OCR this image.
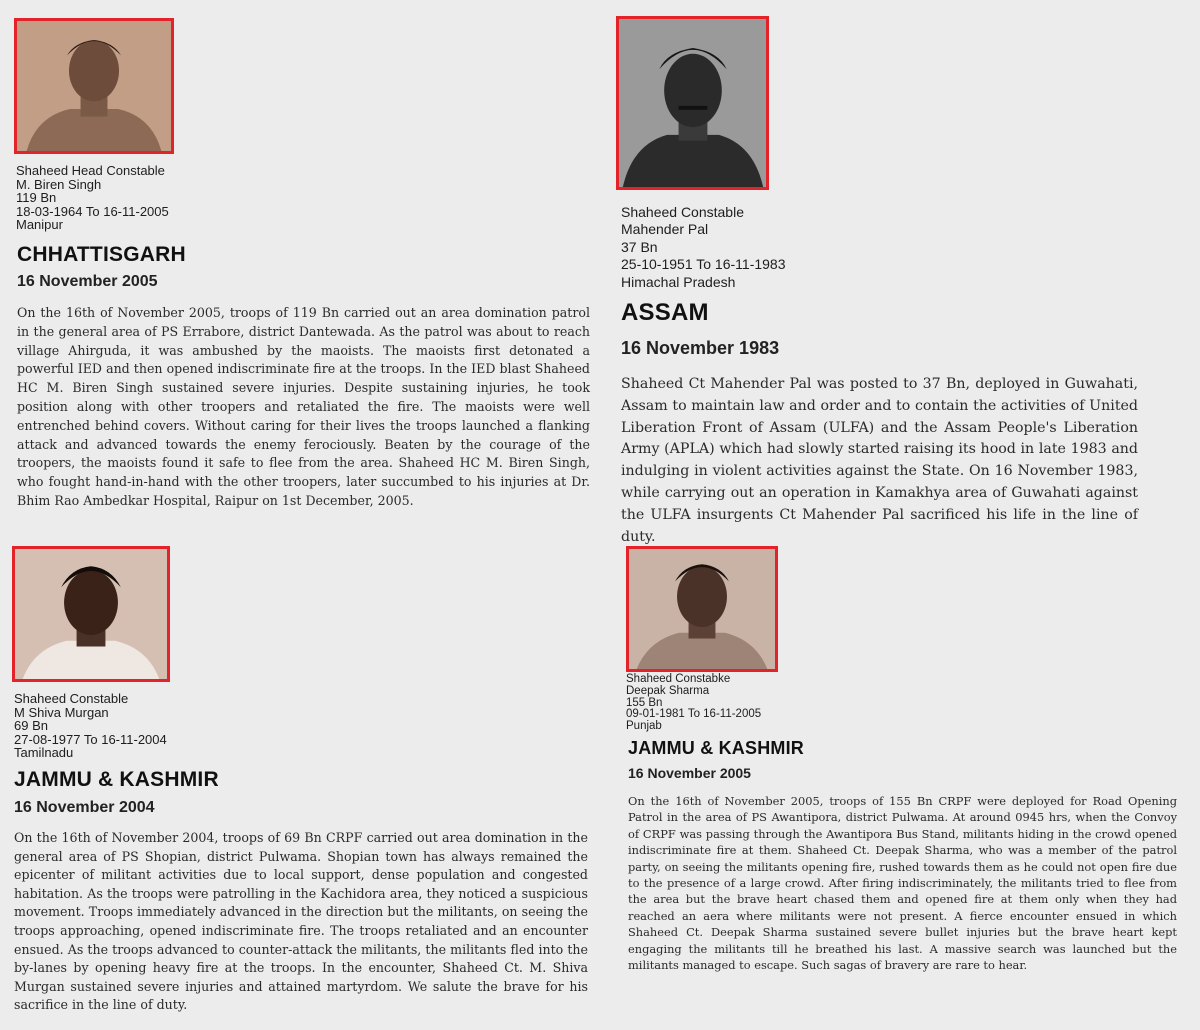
Shaheed Head Constable
M. Biren Singh
119 Bn
18-03-1964 To 16-11-2005
Manipur
CHHATTISGARH
16 November 2005

On the 16th of November 2005, troops of 119 Bn carried out an area domination patrol in the general area of PS Errabore, district Dantewada. As the patrol was about to reach village Ahirguda, it was ambushed by the maoists. The maoists first detonated a powerful IED and then opened indiscriminate fire at the troops. In the IED blast Shaheed HC M. Biren Singh sustained severe injuries. Despite sustaining injuries, he took position along with other troopers and retaliated the fire. The maoists were well entrenched behind covers. Without caring for their lives the troops launched a flanking attack and advanced towards the enemy ferociously. Beaten by the courage of the troopers, the maoists found it safe to flee from the area. Shaheed HC M. Biren Singh, who fought hand-in-hand with the other troopers, later succumbed to his injuries at Dr. Bhim Rao Ambedkar Hospital, Raipur on 1st December, 2005.

Shaheed Constable
Mahender Pal
37 Bn
25-10-1951 To 16-11-1983
Himachal Pradesh
ASSAM
16 November 1983

Shaheed Ct Mahender Pal was posted to 37 Bn, deployed in Guwahati, Assam to maintain law and order and to contain the activities of United Liberation Front of Assam (ULFA) and the Assam People's Liberation Army (APLA) which had slowly started raising its hood in late 1983 and indulging in violent activities against the State. On 16 November 1983, while carrying out an operation in Kamakhya area of Guwahati against the ULFA insurgents Ct Mahender Pal sacrificed his life in the line of duty.

Shaheed Constable
M Shiva Murgan
69 Bn
27-08-1977 To 16-11-2004
Tamilnadu
JAMMU & KASHMIR
16 November 2004

On the 16th of November 2004, troops of 69 Bn CRPF carried out area domination in the general area of PS Shopian, district Pulwama. Shopian town has always remained the epicenter of militant activities due to local support, dense population and congested habitation. As the troops were patrolling in the Kachidora area, they noticed a suspicious movement. Troops immediately advanced in the direction but the militants, on seeing the troops approaching, opened indiscriminate fire. The troops retaliated and an encounter ensued. As the troops advanced to counter-attack the militants, the militants fled into the by-lanes by opening heavy fire at the troops. In the encounter, Shaheed Ct. M. Shiva Murgan sustained severe injuries and attained martyrdom. We salute the brave for his sacrifice in the line of duty.

Shaheed Constabke
Deepak Sharma
155 Bn
09-01-1981 To 16-11-2005
Punjab
JAMMU & KASHMIR
16 November 2005

On the 16th of November 2005, troops of 155 Bn CRPF were deployed for Road Opening Patrol in the area of PS Awantipora, district Pulwama. At around 0945 hrs, when the Convoy of CRPF was passing through the Awantipora Bus Stand, militants hiding in the crowd opened indiscriminate fire at them. Shaheed Ct. Deepak Sharma, who was a member of the patrol party, on seeing the militants opening fire, rushed towards them as he could not open fire due to the presence of a large crowd. After firing indiscriminately, the militants tried to flee from the area but the brave heart chased them and opened fire at them only when they had reached an aera where militants were not present. A fierce encounter ensued in which Shaheed Ct. Deepak Sharma sustained severe bullet injuries but the brave heart kept engaging the militants till he breathed his last. A massive search was launched but the militants managed to escape. Such sagas of bravery are rare to hear.
